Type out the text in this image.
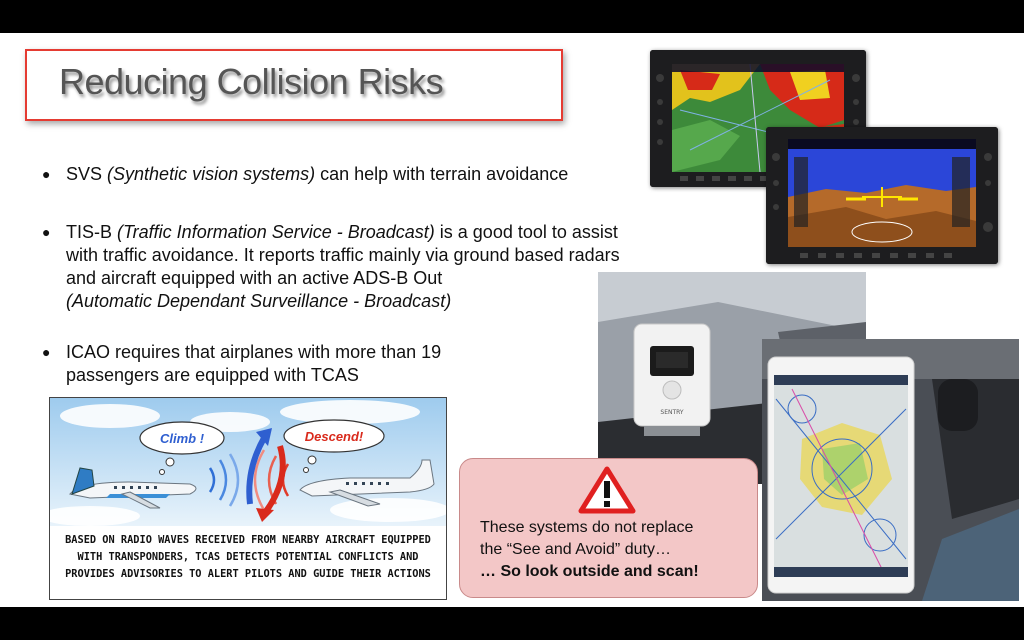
Reducing Collision Risks
● SVS (Synthetic vision systems) can help with terrain avoidance
● TIS-B (Traffic Information Service - Broadcast) is a good tool to assist
with traffic avoidance. It reports traffic mainly via ground based radars
and aircraft equipped with an active ADS-B Out
(Automatic Dependant Surveillance - Broadcast)
● ICAO requires that airplanes with more than 19
passengers are equipped with TCAS
SENTRY
Climb !	Descend!
BASED ON RADIO WAVES RECEIVED FROM NEARBY AIRCRAFT EQUIPPED
WITH TRANSPONDERS, TCAS DETECTS POTENTIAL CONFLICTS AND
PROVIDES ADVISORIES TO ALERT PILOTS AND GUIDE THEIR ACTIONS
These systems do not replace
the “See and Avoid” duty…
… So look outside and scan!
